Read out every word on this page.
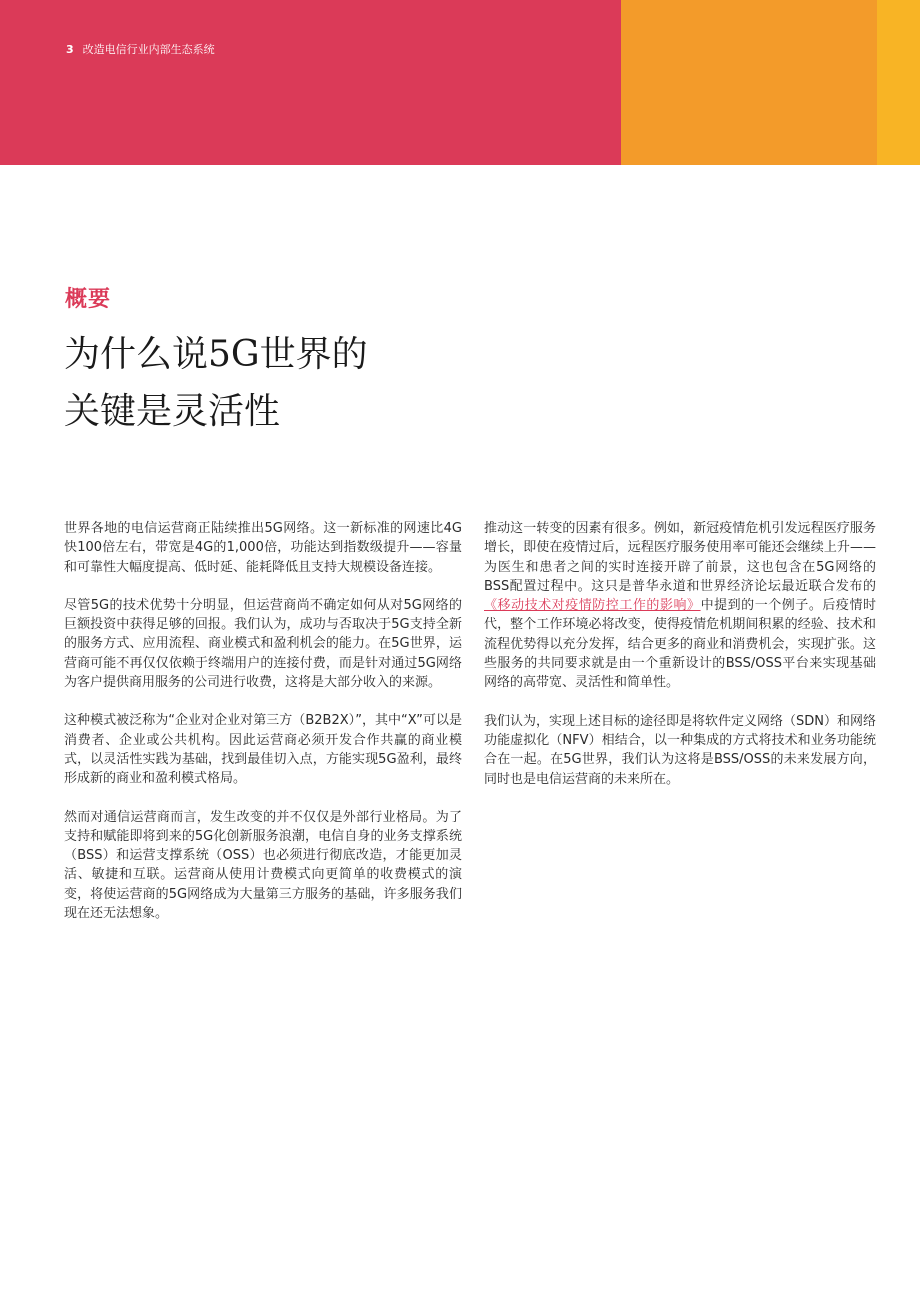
3 改造电信行业内部生态系统
概要
为什么说5G世界的
关键是灵活性

世界各地的电信运营商正陆续推出5G网络。这一新标准的网速比4G快100倍左右，带宽是4G的1,000倍，功能达到指数级提升——容量和可靠性大幅度提高、低时延、能耗降低且支持大规模设备连接。

尽管5G的技术优势十分明显，但运营商尚不确定如何从对5G网络的巨额投资中获得足够的回报。我们认为，成功与否取决于5G支持全新的服务方式、应用流程、商业模式和盈利机会的能力。在5G世界，运营商可能不再仅仅依赖于终端用户的连接付费，而是针对通过5G网络为客户提供商用服务的公司进行收费，这将是大部分收入的来源。

这种模式被泛称为“企业对企业对第三方（B2B2X）”，其中“X”可以是消费者、企业或公共机构。因此运营商必须开发合作共赢的商业模式，以灵活性实践为基础，找到最佳切入点，方能实现5G盈利，最终形成新的商业和盈利模式格局。

然而对通信运营商而言，发生改变的并不仅仅是外部行业格局。为了支持和赋能即将到来的5G化创新服务浪潮，电信自身的业务支撑系统（BSS）和运营支撑系统（OSS）也必须进行彻底改造，才能更加灵活、敏捷和互联。运营商从使用计费模式向更简单的收费模式的演变，将使运营商的5G网络成为大量第三方服务的基础，许多服务我们现在还无法想象。

推动这一转变的因素有很多。例如，新冠疫情危机引发远程医疗服务增长，即使在疫情过后，远程医疗服务使用率可能还会继续上升——为医生和患者之间的实时连接开辟了前景，这也包含在5G网络的BSS配置过程中。这只是普华永道和世界经济论坛最近联合发布的《移动技术对疫情防控工作的影响》中提到的一个例子。后疫情时代，整个工作环境必将改变，使得疫情危机期间积累的经验、技术和流程优势得以充分发挥，结合更多的商业和消费机会，实现扩张。这些服务的共同要求就是由一个重新设计的BSS/OSS平台来实现基础网络的高带宽、灵活性和简单性。

我们认为，实现上述目标的途径即是将软件定义网络（SDN）和网络功能虚拟化（NFV）相结合，以一种集成的方式将技术和业务功能统合在一起。在5G世界，我们认为这将是BSS/OSS的未来发展方向，同时也是电信运营商的未来所在。
